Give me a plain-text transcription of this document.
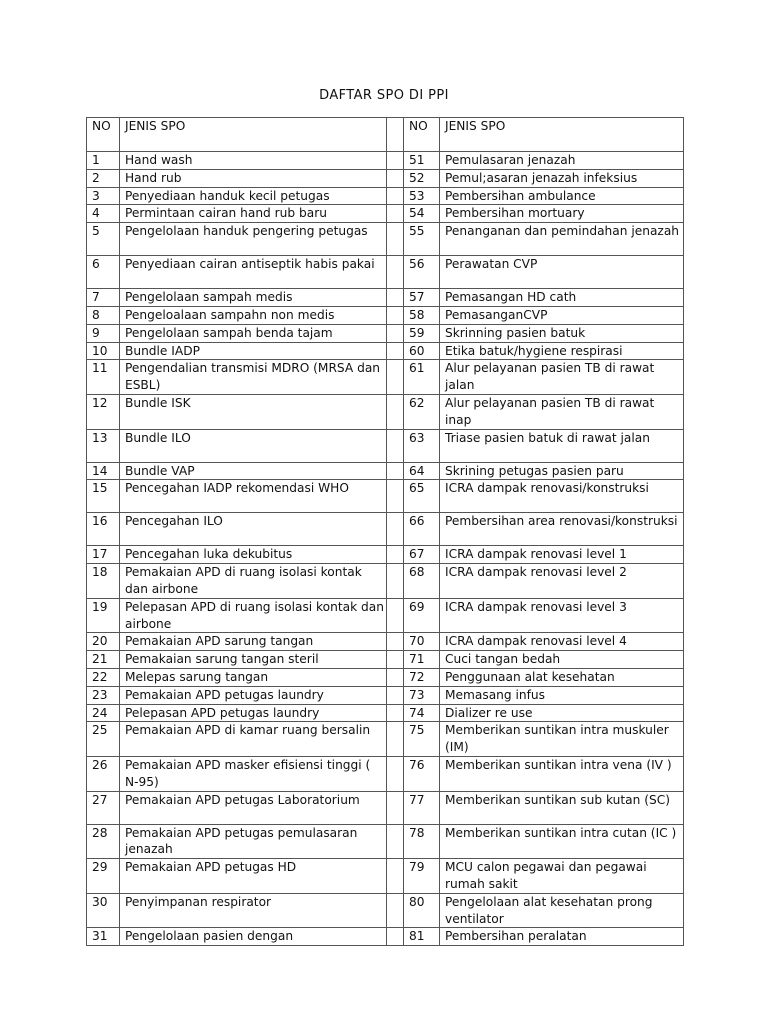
DAFTAR SPO DI PPI
NO	JENIS SPO		NO	JENIS SPO
1	Hand wash		51	Pemulasaran jenazah
2	Hand rub		52	Pemul;asaran jenazah infeksius
3	Penyediaan handuk kecil petugas		53	Pembersihan ambulance
4	Permintaan cairan hand rub baru		54	Pembersihan mortuary
5	Pengelolaan handuk pengering petugas		55	Penanganan dan pemindahan jenazah
6	Penyediaan cairan antiseptik habis pakai		56	Perawatan CVP
7	Pengelolaan sampah medis		57	Pemasangan HD cath
8	Pengeloalaan sampahn non medis		58	PemasanganCVP
9	Pengelolaan sampah benda tajam		59	Skrinning pasien batuk
10	Bundle IADP		60	Etika batuk/hygiene respirasi
11	Pengendalian transmisi MDRO (MRSA dan ESBL)		61	Alur pelayanan pasien TB di rawat jalan
12	Bundle ISK		62	Alur pelayanan pasien TB di rawat inap
13	Bundle ILO		63	Triase pasien batuk di rawat jalan
14	Bundle VAP		64	Skrining petugas pasien paru
15	Pencegahan IADP rekomendasi WHO		65	ICRA dampak renovasi/konstruksi
16	Pencegahan ILO		66	Pembersihan area renovasi/konstruksi
17	Pencegahan luka dekubitus		67	ICRA dampak renovasi level 1
18	Pemakaian APD di ruang isolasi kontak dan airbone		68	ICRA dampak renovasi level 2
19	Pelepasan APD di ruang isolasi kontak dan airbone		69	ICRA dampak renovasi level 3
20	Pemakaian APD sarung tangan		70	ICRA dampak renovasi level 4
21	Pemakaian sarung tangan steril		71	Cuci tangan bedah
22	Melepas sarung tangan		72	Penggunaan alat kesehatan
23	Pemakaian APD petugas laundry		73	Memasang infus
24	Pelepasan APD petugas laundry		74	Dializer re use
25	Pemakaian APD di kamar ruang bersalin		75	Memberikan suntikan intra muskuler (IM)
26	Pemakaian APD masker efisiensi tinggi ( N-95)		76	Memberikan suntikan intra vena (IV )
27	Pemakaian APD petugas Laboratorium		77	Memberikan suntikan sub kutan (SC)
28	Pemakaian APD petugas pemulasaran jenazah		78	Memberikan suntikan intra cutan (IC )
29	Pemakaian APD petugas HD		79	MCU calon pegawai dan pegawai rumah sakit
30	Penyimpanan respirator		80	Pengelolaan alat kesehatan prong ventilator
31	Pengelolaan pasien dengan		81	Pembersihan peralatan
